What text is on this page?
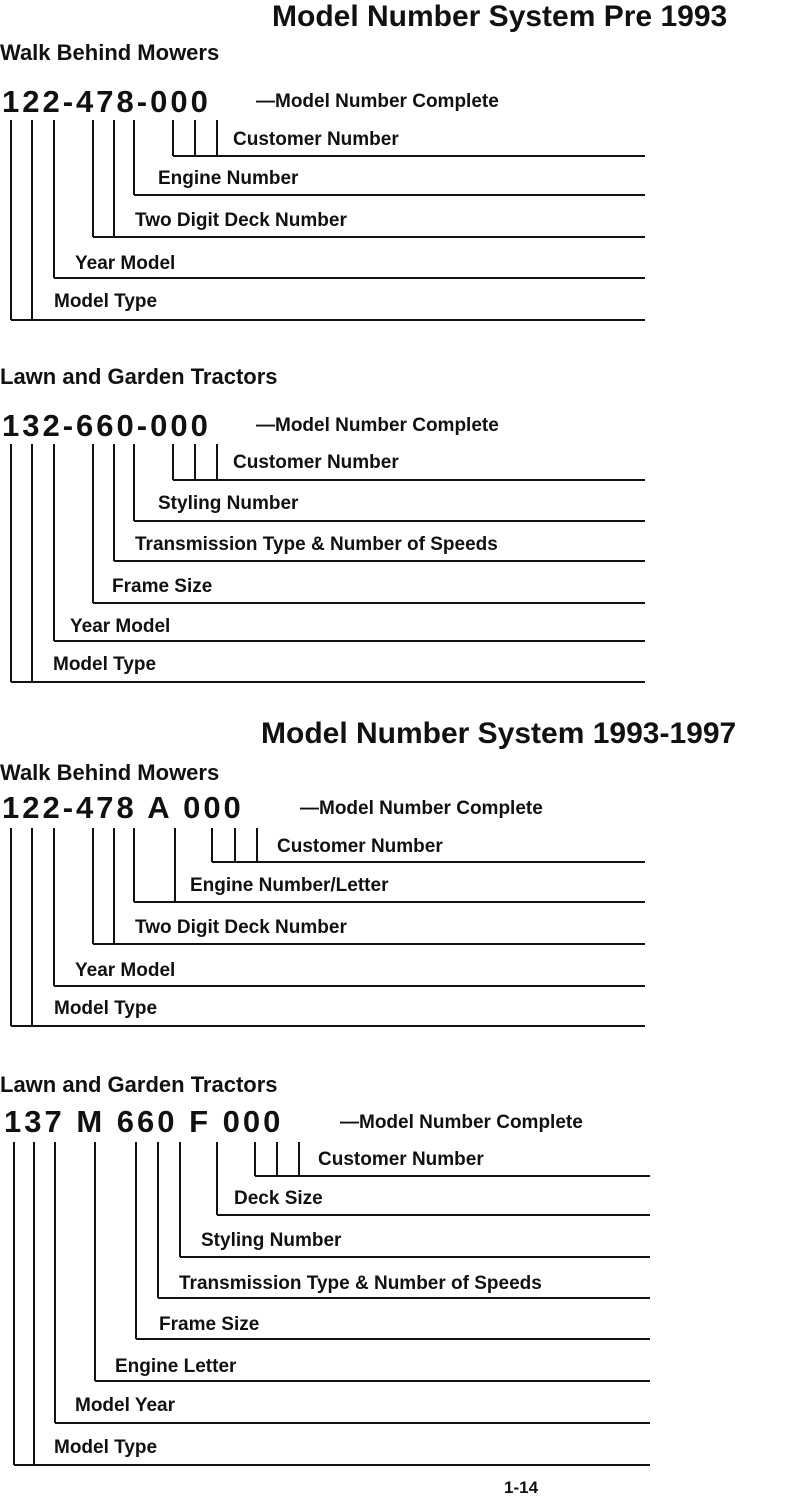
Model Number System Pre 1993
Walk Behind Mowers
122-478-000 —Model Number Complete
Customer Number
Engine Number
Two Digit Deck Number
Year Model
Model Type
Lawn and Garden Tractors
132-660-000 —Model Number Complete
Customer Number
Styling Number
Transmission Type & Number of Speeds
Frame Size
Year Model
Model Type
Model Number System 1993-1997
Walk Behind Mowers
122-478 A 000	—Model Number Complete
Customer Number
Engine Number/Letter
Two Digit Deck Number
Year Model
Model Type
Lawn and Garden Tractors
137 M 660 F 000	—Model Number Complete
Customer Number
Deck Size
Styling Number
Transmission Type & Number of Speeds
Frame Size
Engine Letter
Model Year
Model Type
1-14
